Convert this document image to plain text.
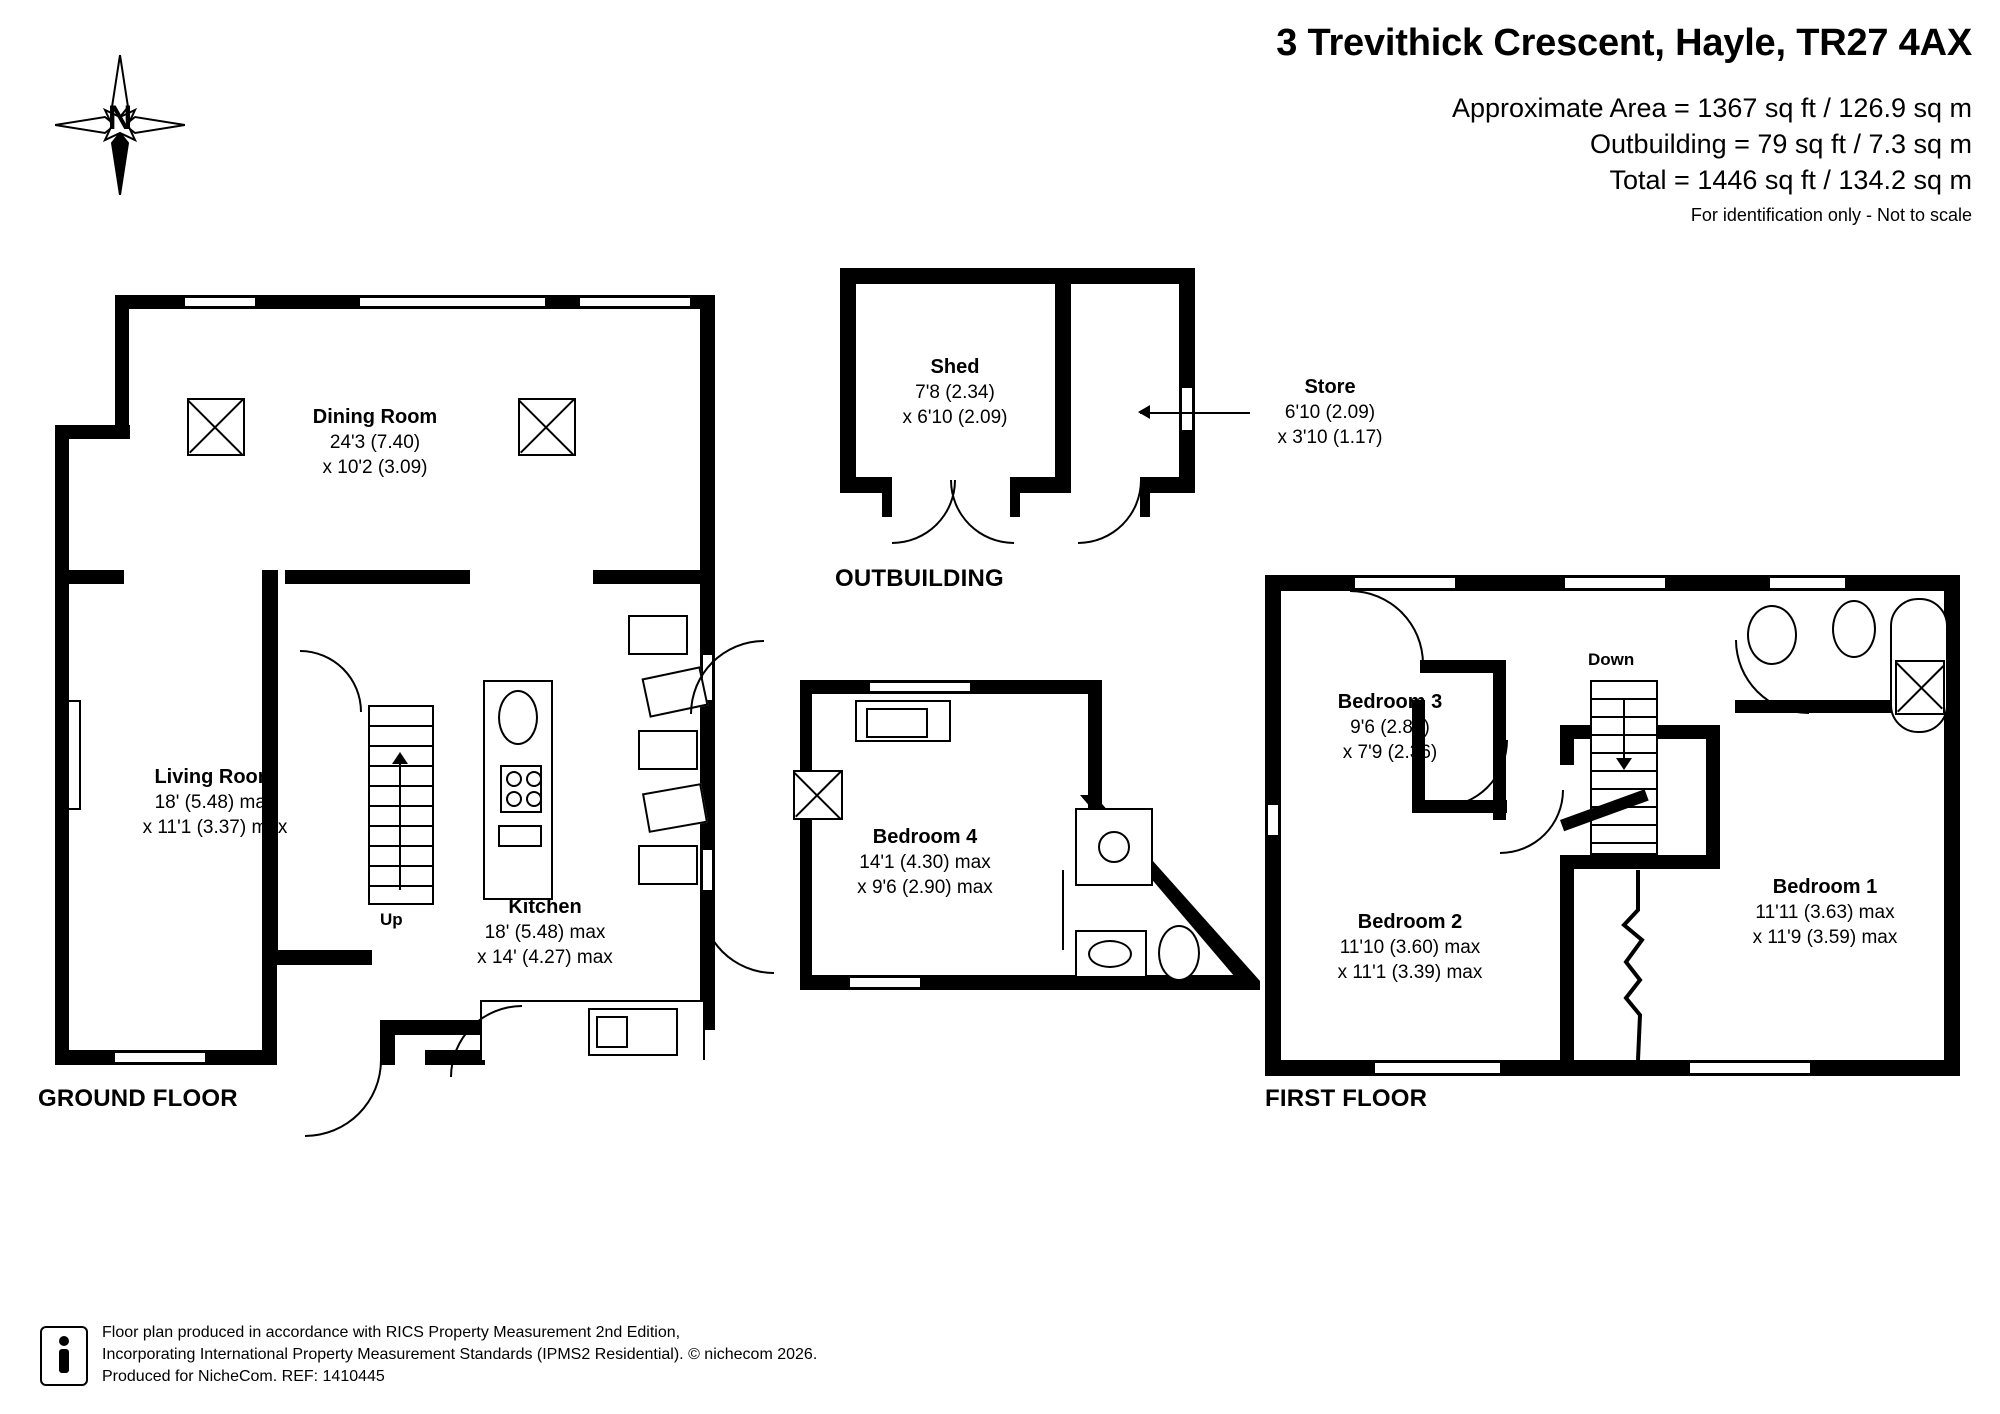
3 Trevithick Crescent, Hayle, TR27 4AX
Approximate Area = 1367 sq ft / 126.9 sq m
Outbuilding = 79 sq ft / 7.3 sq m
Total = 1446 sq ft / 134.2 sq m
For identification only - Not to scale
N
Up
Dining Room
24'3 (7.40)
x 10'2 (3.09)
Living Room
18' (5.48) max
x 11'1 (3.37) max
Kitchen
18' (5.48) max
x 14' (4.27) max
Bedroom 4
14'1 (4.30) max
x 9'6 (2.90) max
GROUND FLOOR
Shed
7'8 (2.34)
x 6'10 (2.09)
Store
6'10 (2.09)
x 3'10 (1.17)
OUTBUILDING
Down
Bedroom 3
9'6 (2.89)
x 7'9 (2.36)
Bedroom 2
11'10 (3.60) max
x 11'1 (3.39) max
Bedroom 1
11'11 (3.63) max
x 11'9 (3.59) max
FIRST FLOOR
Floor plan produced in accordance with RICS Property Measurement 2nd Edition,
Incorporating International Property Measurement Standards (IPMS2 Residential). © nichecom 2026.
Produced for NicheCom. REF: 1410445
